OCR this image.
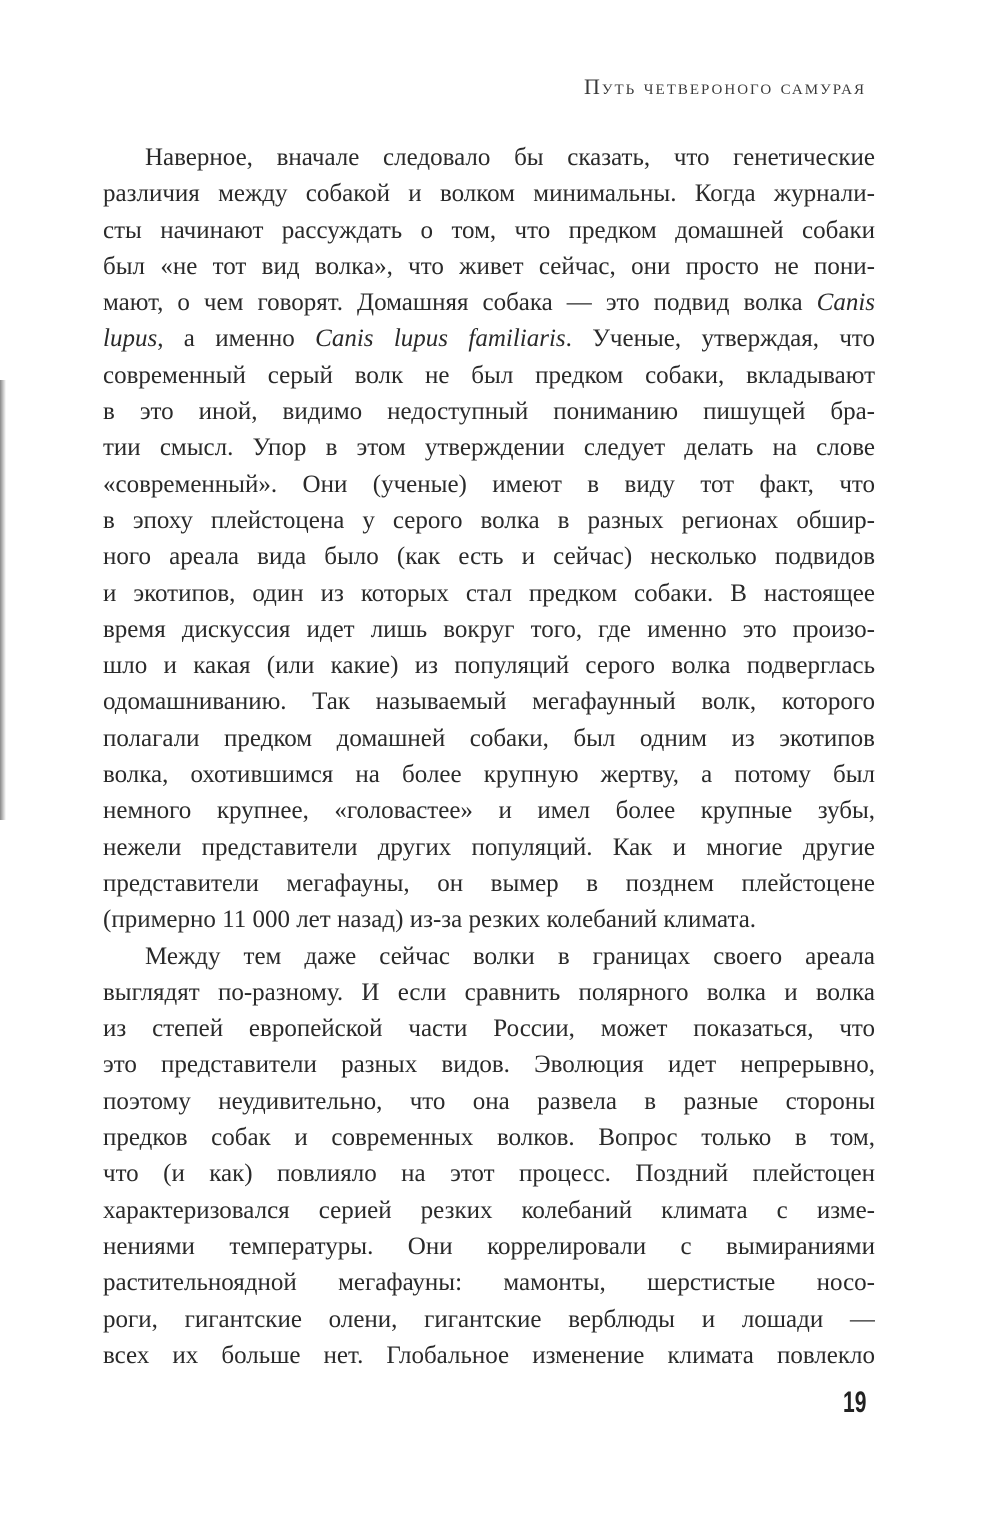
Путь четвероного самурая
Наверное, вначале следовало бы сказать, что генетические
различия между собакой и волком минимальны. Когда журнали-
сты начинают рассуждать о том, что предком домашней собаки
был «не тот вид волка», что живет сейчас, они просто не пони-
мают, о чем говорят. Домашняя собака — это подвид волка Canis
lupus, а именно Canis lupus familiaris. Ученые, утверждая, что
современный серый волк не был предком собаки, вкладывают
в это иной, видимо недоступный пониманию пишущей бра-
тии смысл. Упор в этом утверждении следует делать на слове
«современный». Они (ученые) имеют в виду тот факт, что
в эпоху плейстоцена у серого волка в разных регионах обшир-
ного ареала вида было (как есть и сейчас) несколько подвидов
и экотипов, один из которых стал предком собаки. В настоящее
время дискуссия идет лишь вокруг того, где именно это произо-
шло и какая (или какие) из популяций серого волка подверглась
одомашниванию. Так называемый мегафаунный волк, которого
полагали предком домашней собаки, был одним из экотипов
волка, охотившимся на более крупную жертву, а потому был
немного крупнее, «головастее» и имел более крупные зубы,
нежели представители других популяций. Как и многие другие
представители мегафауны, он вымер в позднем плейстоцене
(примерно 11 000 лет назад) из-за резких колебаний климата.
Между тем даже сейчас волки в границах своего ареала
выглядят по-разному. И если сравнить полярного волка и волка
из степей европейской части России, может показаться, что
это представители разных видов. Эволюция идет непрерывно,
поэтому неудивительно, что она развела в разные стороны
предков собак и современных волков. Вопрос только в том,
что (и как) повлияло на этот процесс. Поздний плейстоцен
характеризовался серией резких колебаний климата с изме-
нениями температуры. Они коррелировали с вымираниями
растительноядной мегафауны: мамонты, шерстистые носо-
роги, гигантские олени, гигантские верблюды и лошади —
всех их больше нет. Глобальное изменение климата повлекло
19
